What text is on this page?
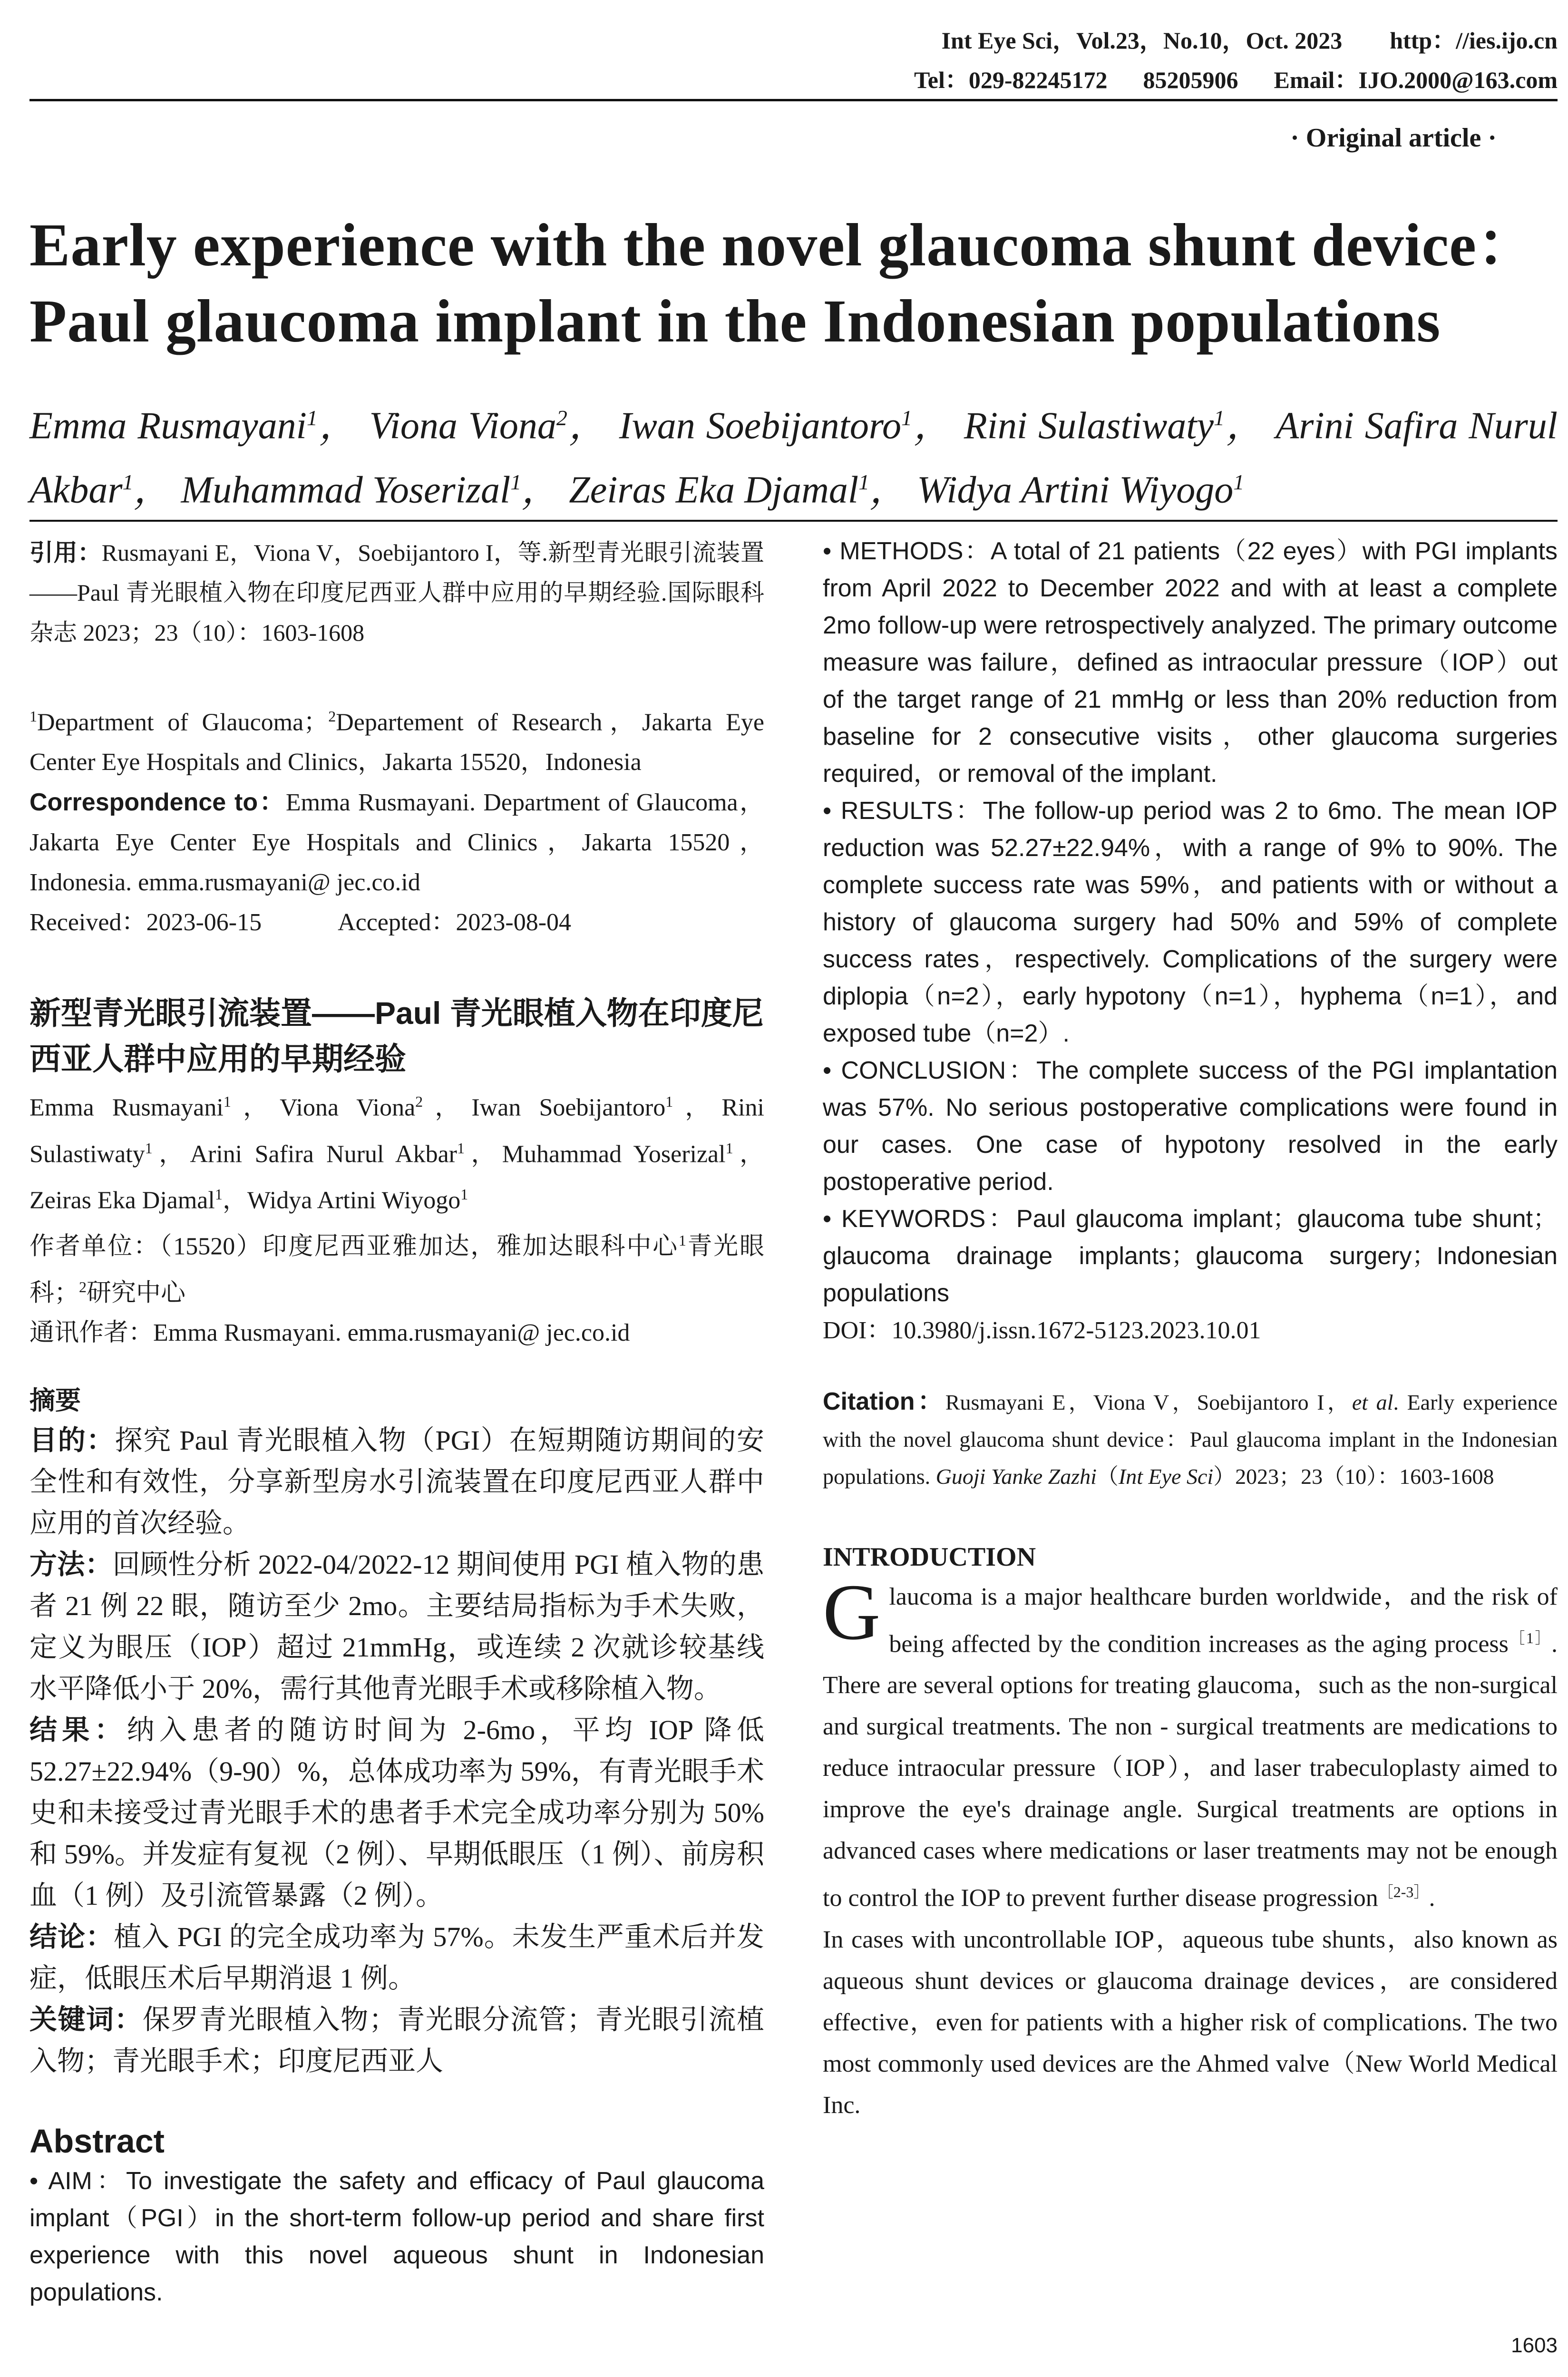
Int Eye Sci，Vol.23，No.10，Oct. 2023 http：//ies.ijo.cn
Tel：029-82245172 85205906 Email：IJO.2000@163.com
· Original article ·
Early experience with the novel glaucoma shunt device：
Paul glaucoma implant in the Indonesian populations

Emma Rusmayani$^1$， Viona Viona$^2$， Iwan Soebijantoro$^1$， Rini Sulastiwaty$^1$， Arini Safira Nurul Akbar$^1$， Muhammad Yoserizal$^1$， Zeiras Eka Djamal$^1$， Widya Artini Wiyogo$^1$

引用：Rusmayani E，Viona V，Soebijantoro I，等.新型青光眼引流装置——Paul 青光眼植入物在印度尼西亚人群中应用的早期经验.国际眼科杂志 2023；23（10）：1603-1608

$^1$Department of Glaucoma；$^2$Departement of Research，Jakarta Eye Center Eye Hospitals and Clinics，Jakarta 15520，Indonesia

Correspondence to：Emma Rusmayani. Department of Glaucoma，Jakarta Eye Center Eye Hospitals and Clinics，Jakarta 15520，Indonesia. emma.rusmayani@ jec.co.id

Received：2023-06-15	Accepted：2023-08-04
新型青光眼引流装置——Paul 青光眼植入物在印度尼西亚人群中应用的早期经验

Emma Rusmayani$^1$，Viona Viona$^2$，Iwan Soebijantoro$^1$，Rini Sulastiwaty$^1$，Arini Safira Nurul Akbar$^1$，Muhammad Yoserizal$^1$，Zeiras Eka Djamal$^1$，Widya Artini Wiyogo$^1$

作者单位：（15520）印度尼西亚雅加达，雅加达眼科中心$^1$青光眼科；$^2$研究中心

通讯作者：Emma Rusmayani. emma.rusmayani@ jec.co.id

摘要

目的：探究 Paul 青光眼植入物（PGI）在短期随访期间的安全性和有效性，分享新型房水引流装置在印度尼西亚人群中应用的首次经验。

方法：回顾性分析 2022-04/2022-12 期间使用 PGI 植入物的患者 21 例 22 眼，随访至少 2mo。主要结局指标为手术失败，定义为眼压（IOP）超过 21mmHg，或连续 2 次就诊较基线水平降低小于 20%，需行其他青光眼手术或移除植入物。

结果：纳入患者的随访时间为 2-6mo，平均 IOP 降低 52.27±22.94%（9-90）%，总体成功率为 59%，有青光眼手术史和未接受过青光眼手术的患者手术完全成功率分别为 50% 和 59%。并发症有复视（2 例）、早期低眼压（1 例）、前房积血（1 例）及引流管暴露（2 例）。

结论：植入 PGI 的完全成功率为 57%。未发生严重术后并发症，低眼压术后早期消退 1 例。

关键词：保罗青光眼植入物；青光眼分流管；青光眼引流植入物；青光眼手术；印度尼西亚人

Abstract

• AIM：To investigate the safety and efficacy of Paul glaucoma implant（PGI）in the short-term follow-up period and share first experience with this novel aqueous shunt in Indonesian populations.

• METHODS：A total of 21 patients（22 eyes）with PGI implants from April 2022 to December 2022 and with at least a complete 2mo follow-up were retrospectively analyzed. The primary outcome measure was failure，defined as intraocular pressure（IOP）out of the target range of 21 mmHg or less than 20% reduction from baseline for 2 consecutive visits，other glaucoma surgeries required，or removal of the implant.

• RESULTS：The follow-up period was 2 to 6mo. The mean IOP reduction was 52.27±22.94%，with a range of 9% to 90%. The complete success rate was 59%，and patients with or without a history of glaucoma surgery had 50% and 59% of complete success rates，respectively. Complications of the surgery were diplopia（n=2），early hypotony（n=1），hyphema（n=1），and exposed tube（n=2）.

• CONCLUSION：The complete success of the PGI implantation was 57%. No serious postoperative complications were found in our cases. One case of hypotony resolved in the early postoperative period.

• KEYWORDS：Paul glaucoma implant；glaucoma tube shunt；glaucoma drainage implants；glaucoma surgery；Indonesian populations

DOI：10.3980/j.issn.1672-5123.2023.10.01

Citation：Rusmayani E，Viona V，Soebijantoro I，et al. Early experience with the novel glaucoma shunt device：Paul glaucoma implant in the Indonesian populations. Guoji Yanke Zazhi（Int Eye Sci）2023；23（10）：1603-1608

INTRODUCTION

Glaucoma is a major healthcare burden worldwide，and the risk of being affected by the condition increases as the aging process$^{[1]}$. There are several options for treating glaucoma，such as the non-surgical and surgical treatments. The non - surgical treatments are medications to reduce intraocular pressure（IOP），and laser trabeculoplasty aimed to improve the eye's drainage angle. Surgical treatments are options in advanced cases where medications or laser treatments may not be enough to control the IOP to prevent further disease progression$^{[2-3]}$.

In cases with uncontrollable IOP，aqueous tube shunts，also known as aqueous shunt devices or glaucoma drainage devices，are considered effective，even for patients with a higher risk of complications. The two most commonly used devices are the Ahmed valve（New World Medical Inc.

1603
